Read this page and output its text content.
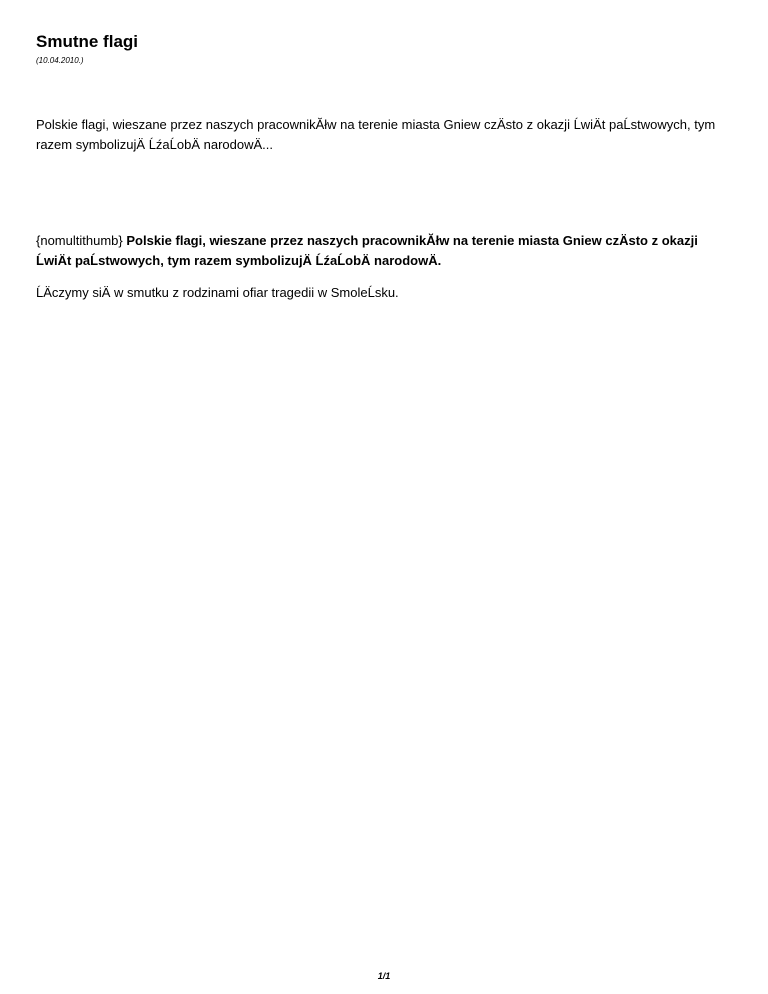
Smutne flagi
(10.04.2010.)

Polskie flagi, wieszane przez naszych pracownikĂłw na terenie miasta Gniew czÄsto z okazji ĹwiÄt paĹstwowych, tym razem symbolizujÄ ĹźaĹobÄ narodowÄ...

{nomultithumb} Polskie flagi, wieszane przez naszych pracownikĂłw na terenie miasta Gniew czÄsto z okazji ĹwiÄt paĹstwowych, tym razem symbolizujÄ ĹźaĹobÄ narodowÄ.

ĹÄczymy siÄ w smutku z rodzinami ofiar tragedii w SmoleĹsku.

1/1
